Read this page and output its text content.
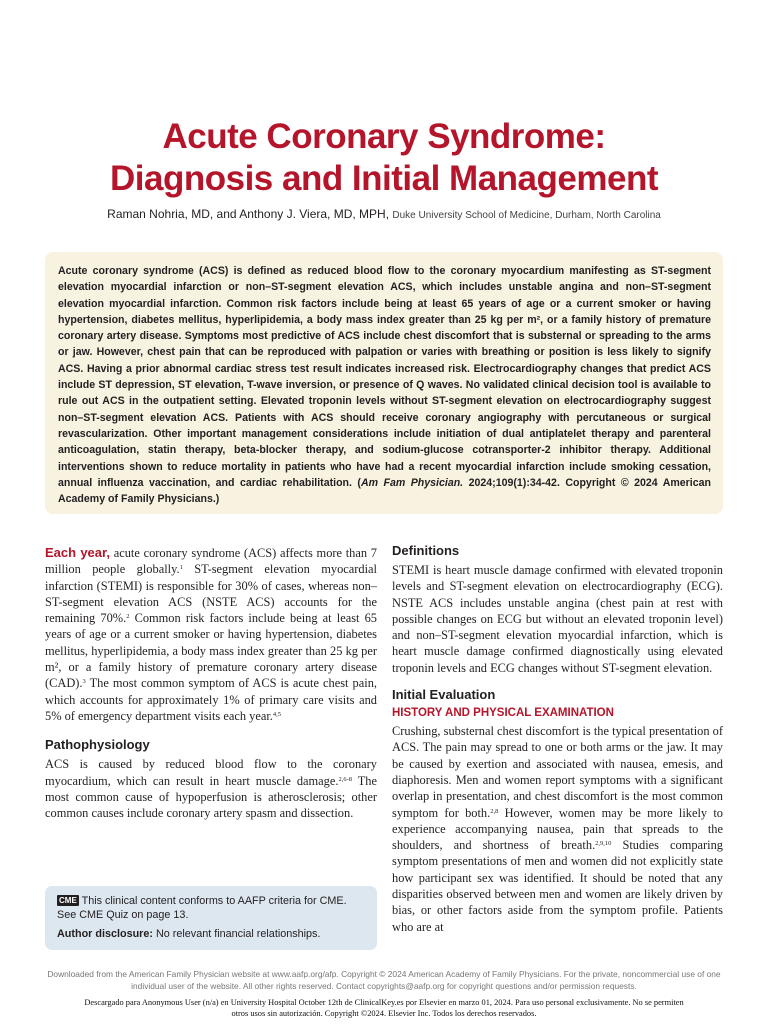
Acute Coronary Syndrome:
Diagnosis and Initial Management
Raman Nohria, MD, and Anthony J. Viera, MD, MPH, Duke University School of Medicine, Durham, North Carolina
Acute coronary syndrome (ACS) is defined as reduced blood flow to the coronary myocardium manifesting as ST-segment elevation myocardial infarction or non–ST-segment elevation ACS, which includes unstable angina and non–ST-segment elevation myocardial infarction. Common risk factors include being at least 65 years of age or a current smoker or having hypertension, diabetes mellitus, hyperlipidemia, a body mass index greater than 25 kg per m², or a family history of premature coronary artery disease. Symptoms most predictive of ACS include chest discomfort that is substernal or spreading to the arms or jaw. However, chest pain that can be reproduced with palpation or varies with breathing or position is less likely to signify ACS. Having a prior abnormal cardiac stress test result indicates increased risk. Electrocardiography changes that predict ACS include ST depression, ST elevation, T-wave inversion, or presence of Q waves. No validated clinical decision tool is available to rule out ACS in the outpatient setting. Elevated troponin levels without ST-segment elevation on electrocardiography suggest non–ST-segment elevation ACS. Patients with ACS should receive coronary angiography with percutaneous or surgical revascularization. Other important management considerations include initiation of dual antiplatelet therapy and parenteral anticoagulation, statin therapy, beta-blocker therapy, and sodium-glucose cotransporter-2 inhibitor therapy. Additional interventions shown to reduce mortality in patients who have had a recent myocardial infarction include smoking cessation, annual influenza vaccination, and cardiac rehabilitation. (Am Fam Physician. 2024;109(1):34-42. Copyright © 2024 American Academy of Family Physicians.)

Each year, acute coronary syndrome (ACS) affects more than 7 million people globally.$^1$ ST-segment elevation myocardial infarction (STEMI) is responsible for 30% of cases, whereas non–ST-segment elevation ACS (NSTE ACS) accounts for the remaining 70%.$^2$ Common risk factors include being at least 65 years of age or a current smoker or having hypertension, diabetes mellitus, hyperlipidemia, a body mass index greater than 25 kg per m², or a family history of premature coronary artery disease (CAD).$^3$ The most common symptom of ACS is acute chest pain, which accounts for approximately 1% of primary care visits and 5% of emergency department visits each year.$^{4,5}$

Pathophysiology

ACS is caused by reduced blood flow to the coronary myocardium, which can result in heart muscle damage.$^{2,6-8}$ The most common cause of hypoperfusion is atherosclerosis; other common causes include coronary artery spasm and dissection.

CME This clinical content conforms to AAFP criteria for CME. See CME Quiz on page 13.
Author disclosure: No relevant financial relationships.
Definitions

STEMI is heart muscle damage confirmed with elevated troponin levels and ST-segment elevation on electrocardiography (ECG). NSTE ACS includes unstable angina (chest pain at rest with possible changes on ECG but without an elevated troponin level) and non–ST-segment elevation myocardial infarction, which is heart muscle damage confirmed diagnostically using elevated troponin levels and ECG changes without ST-segment elevation.

Initial Evaluation
HISTORY AND PHYSICAL EXAMINATION

Crushing, substernal chest discomfort is the typical presentation of ACS. The pain may spread to one or both arms or the jaw. It may be caused by exertion and associated with nausea, emesis, and diaphoresis. Men and women report symptoms with a significant overlap in presentation, and chest discomfort is the most common symptom for both.$^{2,8}$ However, women may be more likely to experience accompanying nausea, pain that spreads to the shoulders, and shortness of breath.$^{2,9,10}$ Studies comparing symptom presentations of men and women did not explicitly state how participant sex was identified. It should be noted that any disparities observed between men and women are likely driven by bias, or other factors aside from the symptom profile. Patients who are at

Downloaded from the American Family Physician website at www.aafp.org/afp. Copyright © 2024 American Academy of Family Physicians. For the private, noncommercial use of one individual user of the website. All other rights reserved. Contact copyrights@aafp.org for copyright questions and/or permission requests.
Descargado para Anonymous User (n/a) en University Hospital October 12th de ClinicalKey.es por Elsevier en marzo 01, 2024. Para uso personal exclusivamente. No se permiten otros usos sin autorización. Copyright ©2024. Elsevier Inc. Todos los derechos reservados.
